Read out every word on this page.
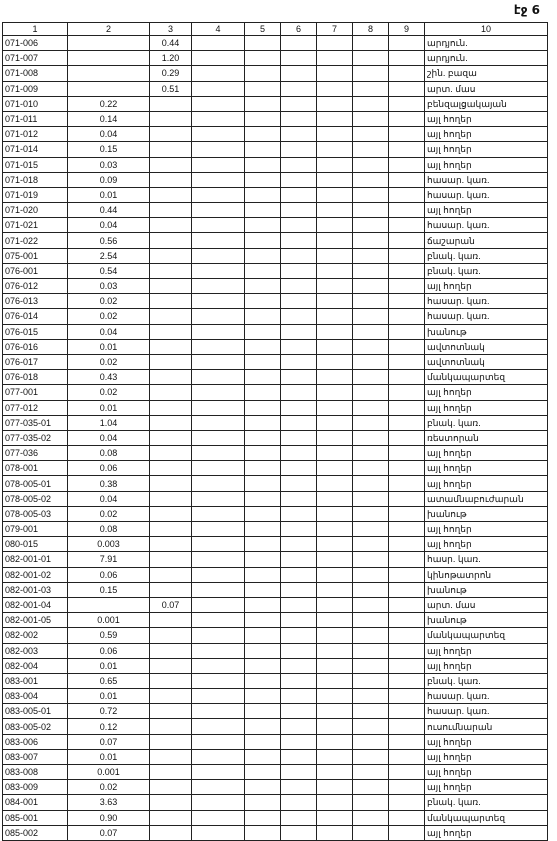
էջ 6
1	2	3	4	5	6	7	8	9	10
071-006		0.44							արդյուն.
071-007		1.20							արդյուն.
071-008		0.29							շին. բազա
071-009		0.51							արտ. մաս
071-010	0.22								բենզալցակայան
071-011	0.14								այլ հողեր
071-012	0.04								այլ հողեր
071-014	0.15								այլ հողեր
071-015	0.03								այլ հողեր
071-018	0.09								հասար. կառ.
071-019	0.01								հասար. կառ.
071-020	0.44								այլ հողեր
071-021	0.04								հասար. կառ.
071-022	0.56								ճաշարան
075-001	2.54								բնակ. կառ.
076-001	0.54								բնակ. կառ.
076-012	0.03								այլ հողեր
076-013	0.02								հասար. կառ.
076-014	0.02								հասար. կառ.
076-015	0.04								խանութ
076-016	0.01								ավտոտնակ
076-017	0.02								ավտոտնակ
076-018	0.43								մանկապարտեզ
077-001	0.02								այլ հողեր
077-012	0.01								այլ հողեր
077-035-01	1.04								բնակ. կառ.
077-035-02	0.04								ռեստորան
077-036	0.08								այլ հողեր
078-001	0.06								այլ հողեր
078-005-01	0.38								այլ հողեր
078-005-02	0.04								ատամնաբուժարան
078-005-03	0.02								խանութ
079-001	0.08								այլ հողեր
080-015	0.003								այլ հողեր
082-001-01	7.91								հասր. կառ.
082-001-02	0.06								կինոթատրոն
082-001-03	0.15								խանութ
082-001-04		0.07							արտ. մաս
082-001-05	0.001								խանութ
082-002	0.59								մանկապարտեզ
082-003	0.06								այլ հողեր
082-004	0.01								այլ հողեր
083-001	0.65								բնակ. կառ.
083-004	0.01								հասար. կառ.
083-005-01	0.72								հասար. կառ.
083-005-02	0.12								ուսումնարան
083-006	0.07								այլ հողեր
083-007	0.01								այլ հողեր
083-008	0.001								այլ հողեր
083-009	0.02								այլ հողեր
084-001	3.63								բնակ. կառ.
085-001	0.90								մանկապարտեզ
085-002	0.07								այլ հողեր
